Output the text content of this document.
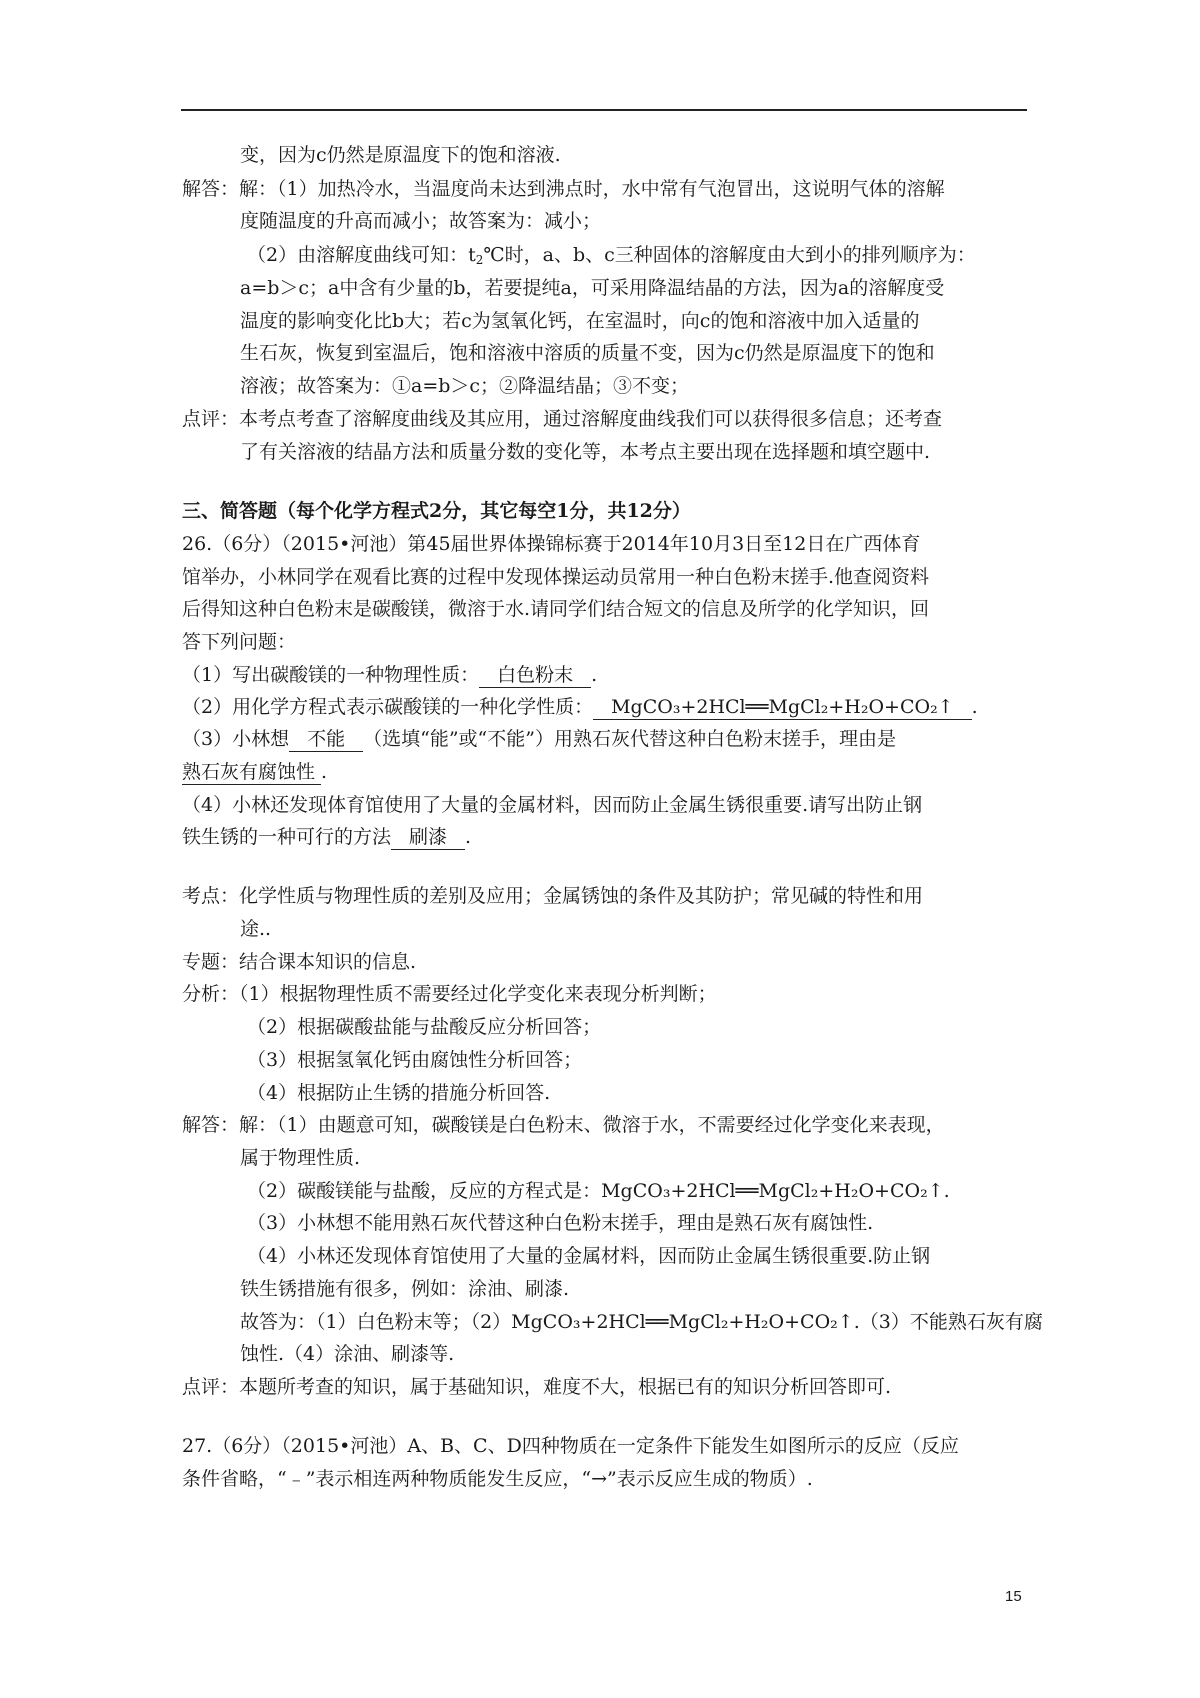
变，因为c仍然是原温度下的饱和溶液.
解答：解：（1）加热冷水，当温度尚未达到沸点时，水中常有气泡冒出，这说明气体的溶解
度随温度的升高而减小；故答案为：减小；
（2）由溶解度曲线可知：$t_2℃$时，a、b、c三种固体的溶解度由大到小的排列顺序为：
a=b＞c；a中含有少量的b，若要提纯a，可采用降温结晶的方法，因为a的溶解度受
温度的影响变化比b大；若c为氢氧化钙，在室温时，向c的饱和溶液中加入适量的
生石灰，恢复到室温后，饱和溶液中溶质的质量不变，因为c仍然是原温度下的饱和
溶液；故答案为：①a=b＞c；②降温结晶；③不变；
点评：本考点考查了溶解度曲线及其应用，通过溶解度曲线我们可以获得很多信息；还考查
了有关溶液的结晶方法和质量分数的变化等，本考点主要出现在选择题和填空题中.
三、简答题（每个化学方程式2分，其它每空1分，共12分）
26.（6分）（2015•河池）第45届世界体操锦标赛于2014年10月3日至12日在广西体育
馆举办，小林同学在观看比赛的过程中发现体操运动员常用一种白色粉末搓手.他查阅资料
后得知这种白色粉末是碳酸镁，微溶于水.请同学们结合短文的信息及所学的化学知识，回
答下列问题：
（1）写出碳酸镁的一种物理性质： 白色粉末 .
（2）用化学方程式表示碳酸镁的一种化学性质： MgCO₃+2HCl══MgCl₂+H₂O+CO₂↑ .
（3）小林想 不能 （选填“能”或“不能”）用熟石灰代替这种白色粉末搓手，理由是
熟石灰有腐蚀性 .
（4）小林还发现体育馆使用了大量的金属材料，因而防止金属生锈很重要.请写出防止钢
铁生锈的一种可行的方法 刷漆 .
考点：化学性质与物理性质的差别及应用；金属锈蚀的条件及其防护；常见碱的特性和用
途..
专题：结合课本知识的信息.
分析：（1）根据物理性质不需要经过化学变化来表现分析判断；
（2）根据碳酸盐能与盐酸反应分析回答；
（3）根据氢氧化钙由腐蚀性分析回答；
（4）根据防止生锈的措施分析回答.
解答：解：（1）由题意可知，碳酸镁是白色粉末、微溶于水，不需要经过化学变化来表现，
属于物理性质.
（2）碳酸镁能与盐酸，反应的方程式是：MgCO₃+2HCl══MgCl₂+H₂O+CO₂↑.
（3）小林想不能用熟石灰代替这种白色粉末搓手，理由是熟石灰有腐蚀性.
（4）小林还发现体育馆使用了大量的金属材料，因而防止金属生锈很重要.防止钢
铁生锈措施有很多，例如：涂油、刷漆.
故答为：（1）白色粉末等；（2）MgCO₃+2HCl══MgCl₂+H₂O+CO₂↑.（3）不能熟石灰有腐
蚀性.（4）涂油、刷漆等.
点评：本题所考查的知识，属于基础知识，难度不大，根据已有的知识分析回答即可.
27.（6分）（2015•河池）A、B、C、D四种物质在一定条件下能发生如图所示的反应（反应
条件省略，“﹣”表示相连两种物质能发生反应，“→”表示反应生成的物质）.
15
